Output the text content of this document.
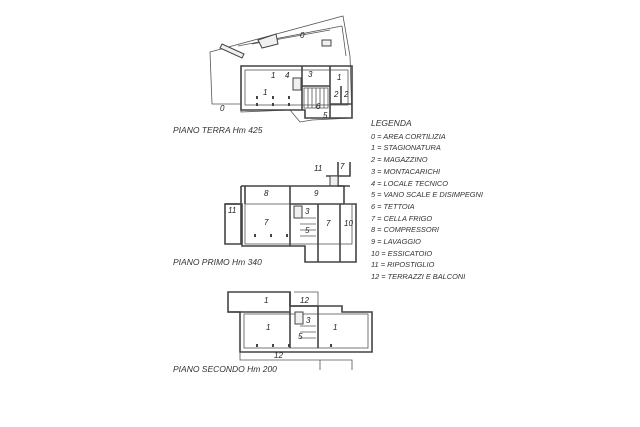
0
0
1
1
1
2 2
3
4
5
6
11 7
8	9
11
7	7
5
10
3
1	12
1	1
3
5
12
PIANO TERRA Hm 425
PIANO PRIMO Hm 340
PIANO SECONDO Hm 200
LEGENDA
0 = AREA CORTILIZIA
1 = STAGIONATURA
2 = MAGAZZINO
3 = MONTACARICHI
4 = LOCALE TECNICO
5 = VANO SCALE E DISIMPEGNI
6 = TETTOIA
7 = CELLA FRIGO
8 = COMPRESSORI
9 = LAVAGGIO
10 = ESSICATOIO
11 = RIPOSTIGLIO
12 = TERRAZZI E BALCONI
